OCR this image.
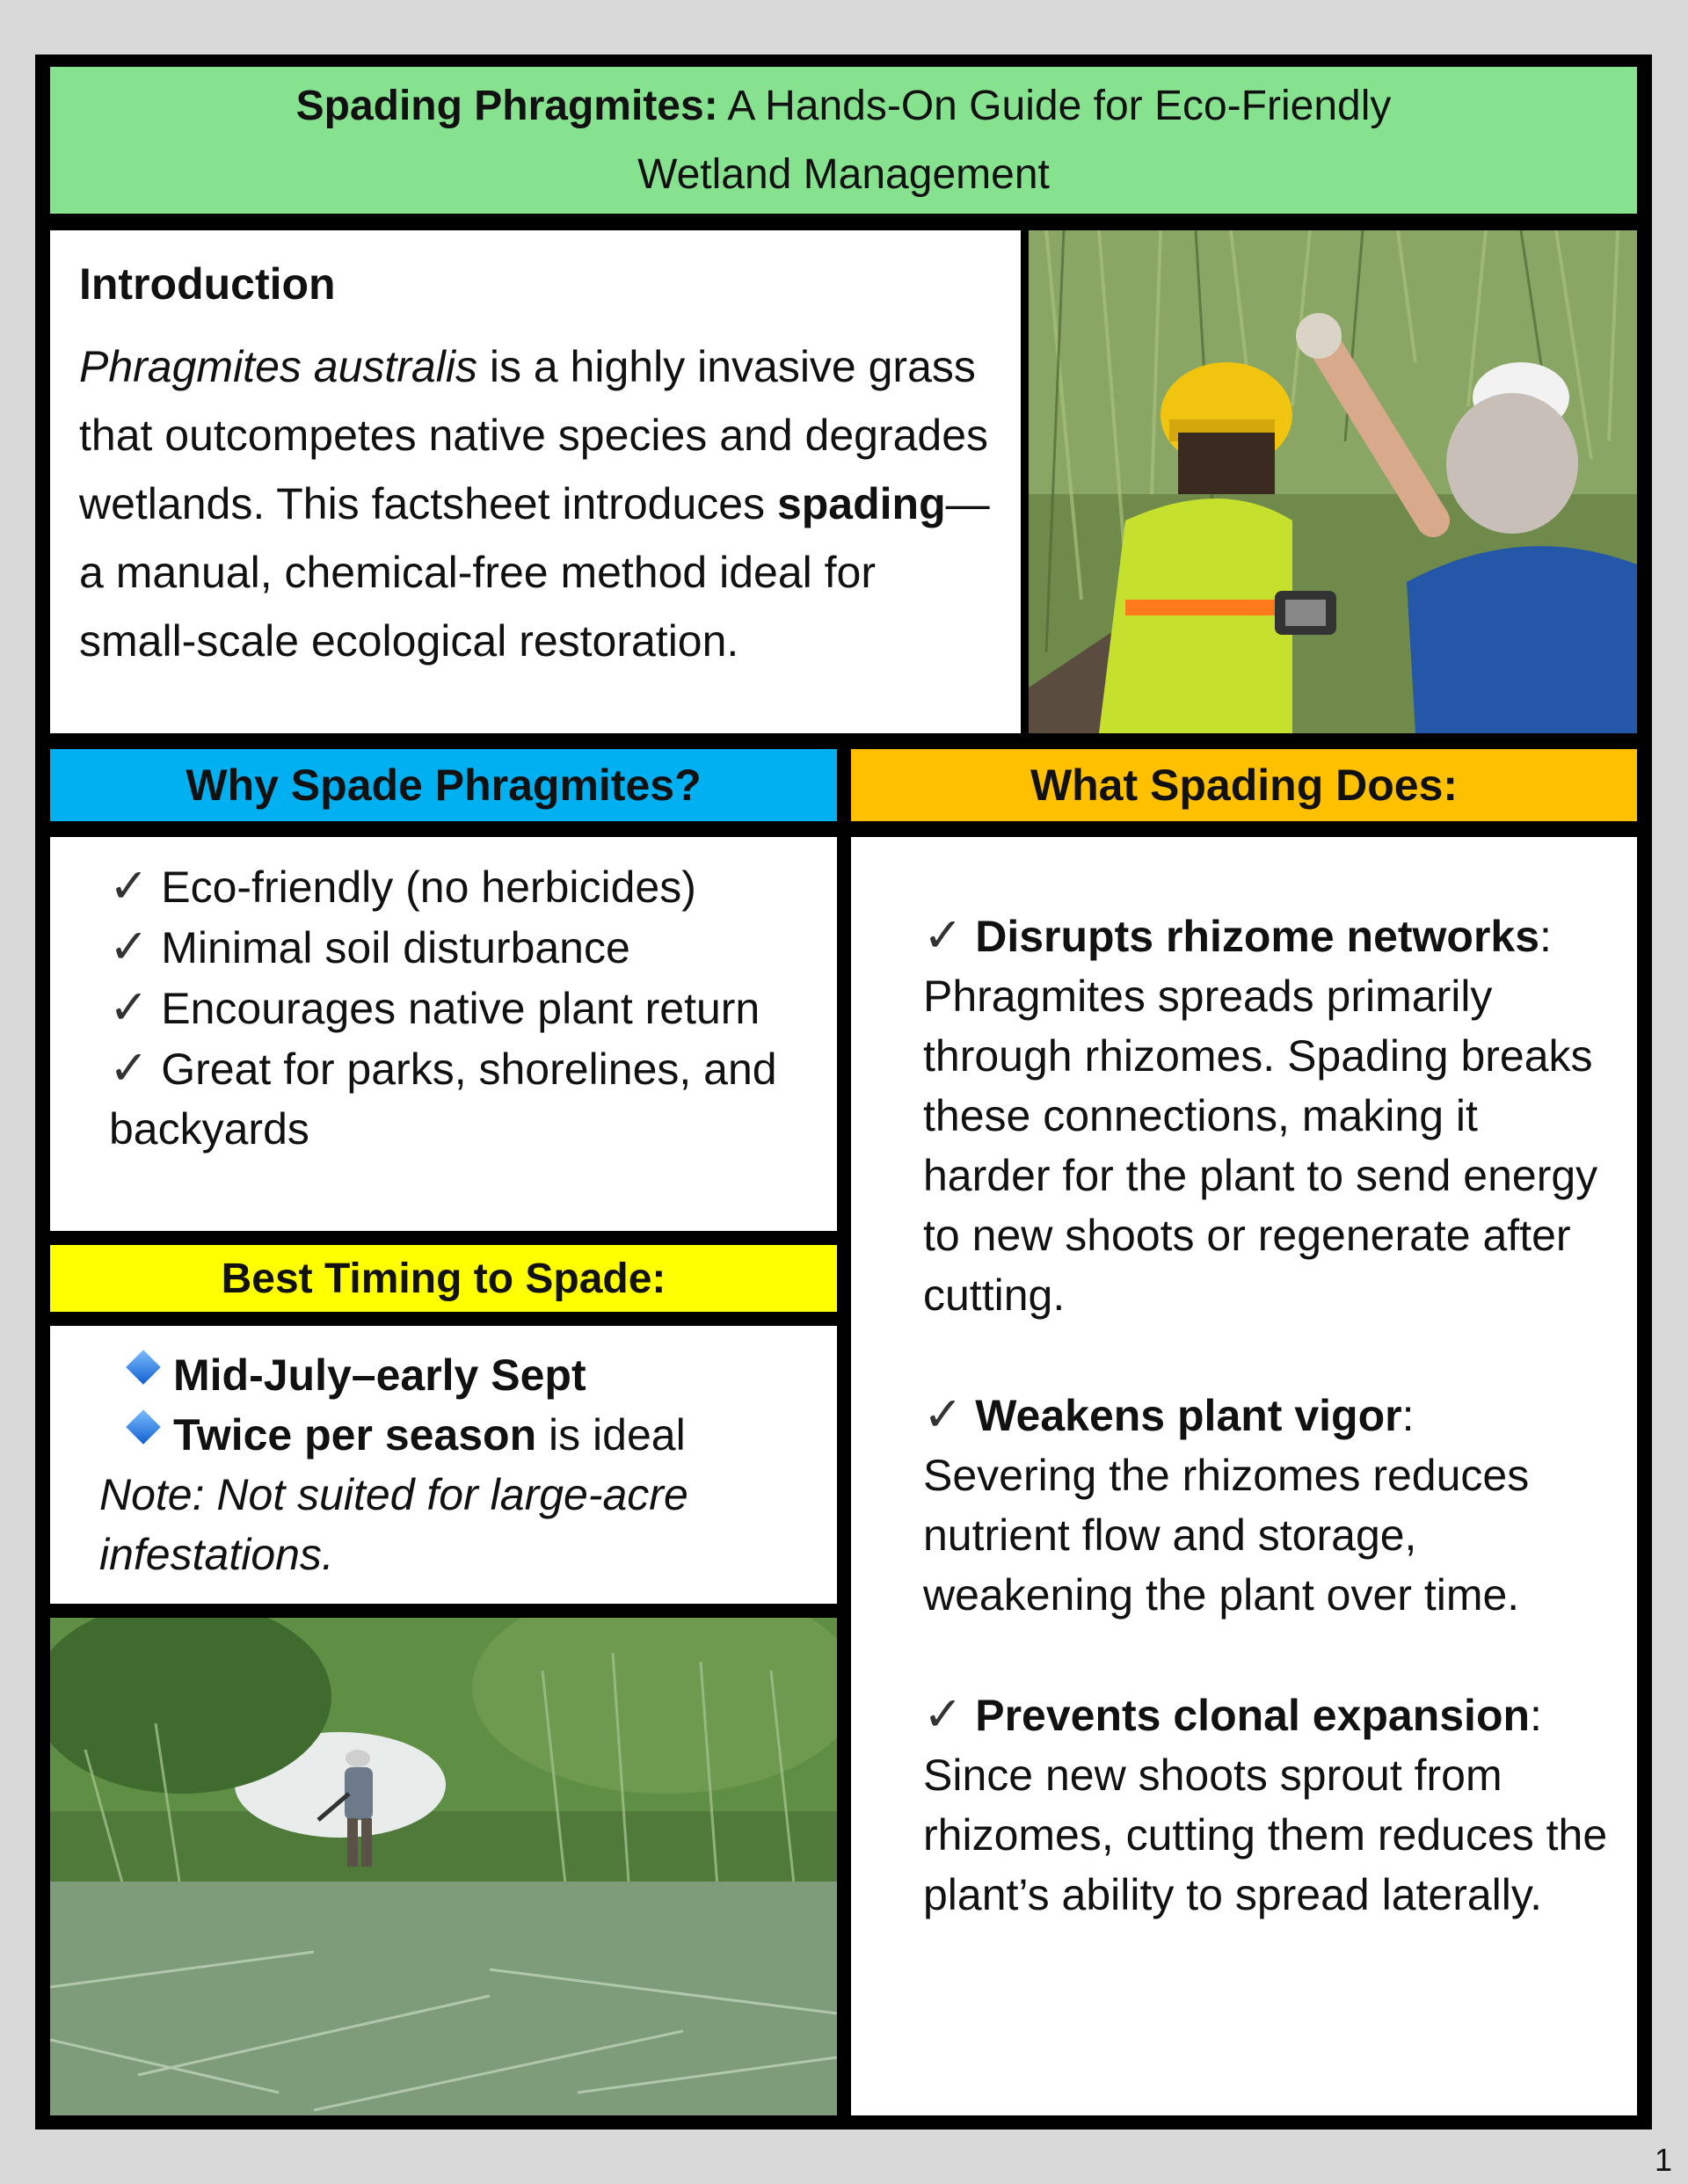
Spading Phragmites: A Hands-On Guide for Eco-Friendly
Wetland Management
Introduction

Phragmites australis is a highly invasive grass that outcompetes native species and degrades wetlands. This factsheet introduces spading—a manual, chemical-free method ideal for small-scale ecological restoration.

Why Spade Phragmites?	What Spading Does:
✓ Eco-friendly (no herbicides)
✓ Minimal soil disturbance
✓ Encourages native plant return
✓ Great for parks, shorelines, and backyards
Best Timing to Spade:
Mid-July–early Sept
Twice per season is ideal
Note: Not suited for large-acre infestations.
✓ Disrupts rhizome networks:
Phragmites spreads primarily through rhizomes. Spading breaks these connections, making it harder for the plant to send energy to new shoots or regenerate after cutting.
✓ Weakens plant vigor:
Severing the rhizomes reduces nutrient flow and storage, weakening the plant over time.
✓ Prevents clonal expansion:
Since new shoots sprout from rhizomes, cutting them reduces the plant’s ability to spread laterally.
1
